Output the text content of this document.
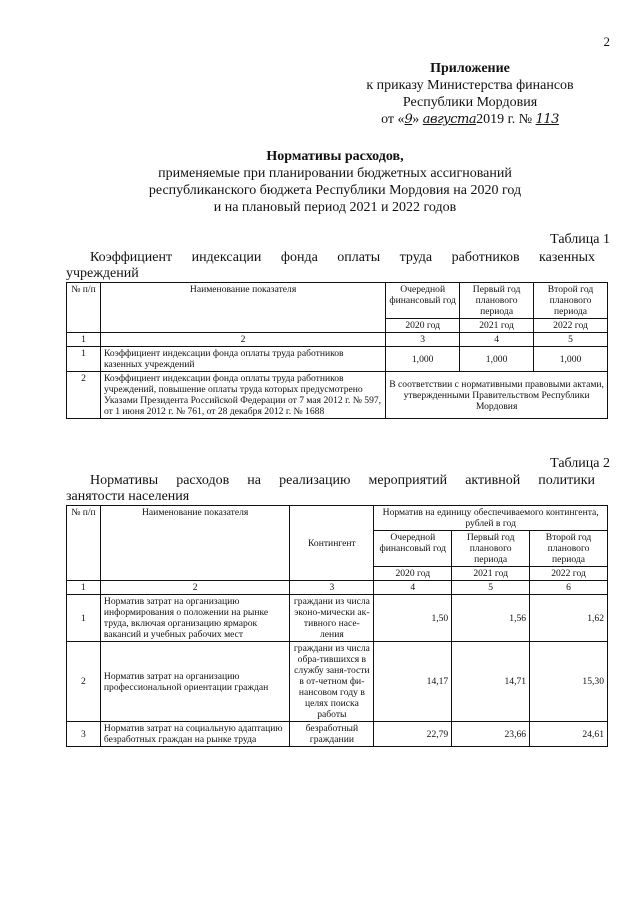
2
Приложение
к приказу Министерства финансов
Республики Мордовия
от «9» августа2019 г. № 113
Нормативы расходов,
применяемые при планировании бюджетных ассигнований
республиканского бюджета Республики Мордовия на 2020 год
и на плановый период 2021 и 2022 годов
Таблица 1
Коэффициент индексации фонда оплаты труда работников казенных
учреждений
№ п/п	Наименование показателя	Очередной финансовый год	Первый год планового периода	Второй год планового периода
		2020 год	2021 год	2022 год
1	2	3	4	5
1	Коэффициент индексации фонда оплаты труда работников казенных учреждений	1,000	1,000	1,000
2	Коэффициент индексации фонда оплаты труда работников учреждений, повышение оплаты труда которых предусмотрено Указами Президента Российской Федерации от 7 мая 2012 г. № 597, от 1 июня 2012 г. № 761, от 28 декабря 2012 г. № 1688	В соответствии с нормативными правовыми актами, утвержденными Правительством Республики Мордовия		
Таблица 2
Нормативы расходов на реализацию мероприятий активной политики
занятости населения
№ п/п	Наименование показателя	Контингент	Норматив на единицу обеспечиваемого контингента, рублей в год		
			Очередной финансовый год	Первый год планового периода	Второй год планового периода
			2020 год	2021 год	2022 год
1	2	3	4	5	6
1	Норматив затрат на организацию информирования о положении на рынке труда, включая организацию ярмарок вакансий и учебных рабочих мест	граждани из числа эконо-мически ак-тивного насе-ления	1,50	1,56	1,62
2	Норматив затрат на организацию профессиональной ориентации граждан	граждани из числа обра-тившихся в службу заня-тости в от-четном фи-нансовом году в целях поиска работы	14,17	14,71	15,30
3	Норматив затрат на социальную адаптацию безработных граждан на рынке труда	безработный граждании	22,79	23,66	24,61
